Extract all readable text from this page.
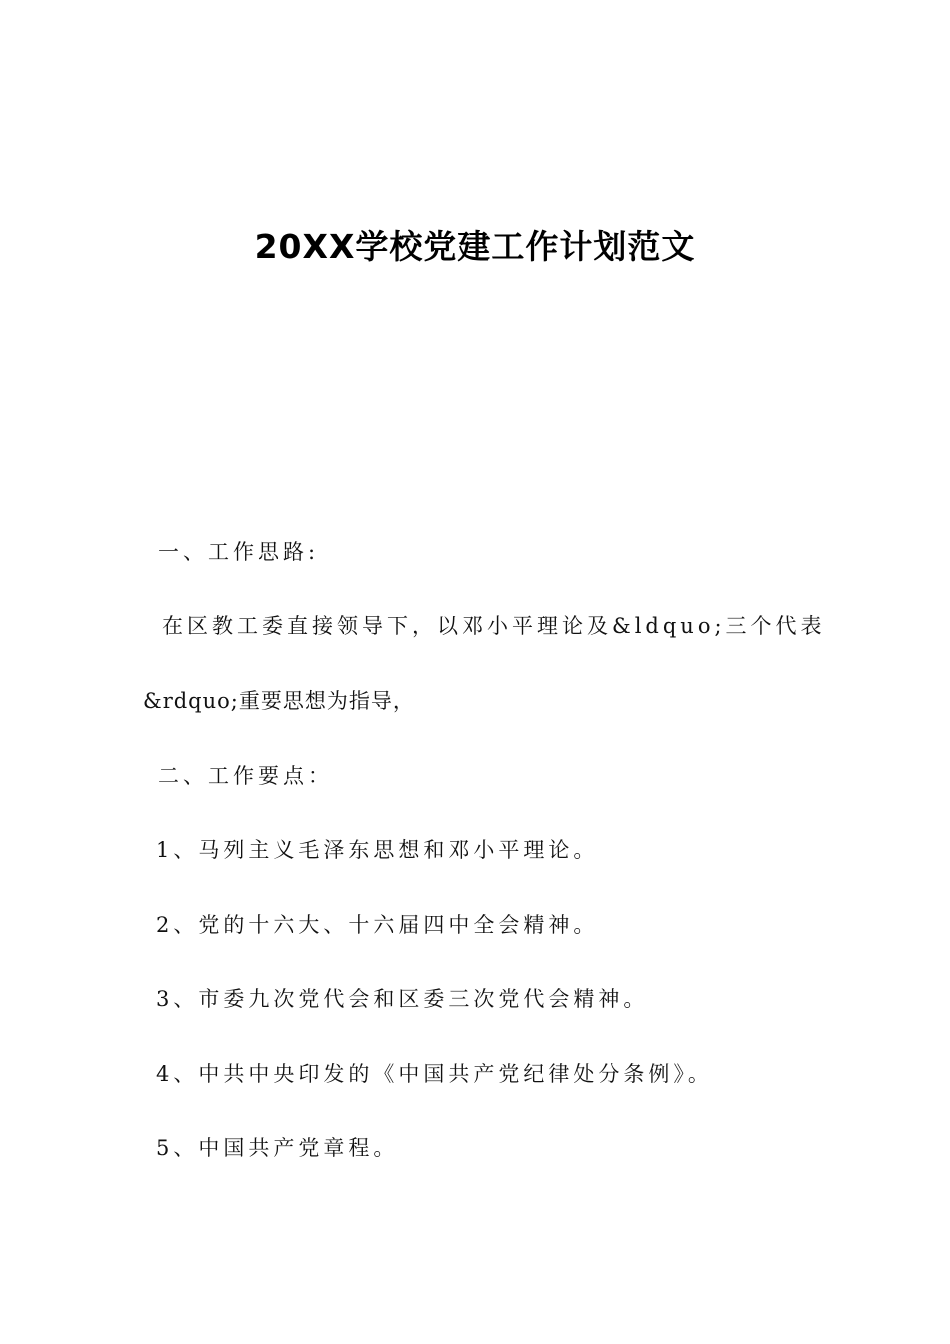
20XX学校党建工作计划范文
一、工作思路:
在区教工委直接领导下，以邓小平理论及&ldquo;三个代表
&rdquo;重要思想为指导，
二、工作要点：
1、马列主义毛泽东思想和邓小平理论。
2、党的十六大、十六届四中全会精神。
3、市委九次党代会和区委三次党代会精神。
4、中共中央印发的《中国共产党纪律处分条例》。
5、中国共产党章程。
